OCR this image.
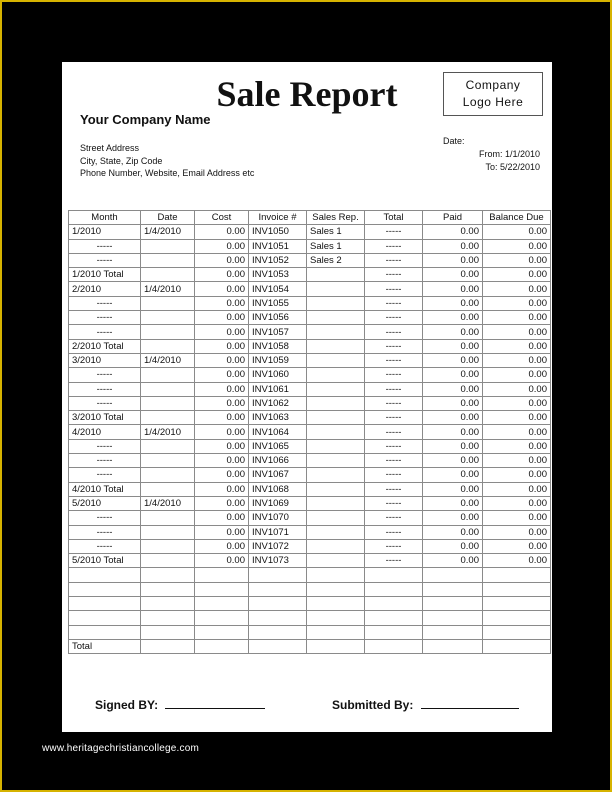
Sale Report	Company
Logo Here
Your Company Name
Street Address
City, State, Zip Code
Phone Number, Website, Email Address etc
Date:
From: 1/1/2010
To: 5/22/2010
Month	Date	Cost	Invoice #	Sales Rep.	Total	Paid	Balance Due
1/2010	1/4/2010	0.00	INV1050	Sales 1	-----	0.00	0.00
-----		0.00	INV1051	Sales 1	-----	0.00	0.00
-----		0.00	INV1052	Sales 2	-----	0.00	0.00
1/2010 Total		0.00	INV1053		-----	0.00	0.00
2/2010	1/4/2010	0.00	INV1054		-----	0.00	0.00
-----		0.00	INV1055		-----	0.00	0.00
-----		0.00	INV1056		-----	0.00	0.00
-----		0.00	INV1057		-----	0.00	0.00
2/2010 Total		0.00	INV1058		-----	0.00	0.00
3/2010	1/4/2010	0.00	INV1059		-----	0.00	0.00
-----		0.00	INV1060		-----	0.00	0.00
-----		0.00	INV1061		-----	0.00	0.00
-----		0.00	INV1062		-----	0.00	0.00
3/2010 Total		0.00	INV1063		-----	0.00	0.00
4/2010	1/4/2010	0.00	INV1064		-----	0.00	0.00
-----		0.00	INV1065		-----	0.00	0.00
-----		0.00	INV1066		-----	0.00	0.00
-----		0.00	INV1067		-----	0.00	0.00
4/2010 Total		0.00	INV1068		-----	0.00	0.00
5/2010	1/4/2010	0.00	INV1069		-----	0.00	0.00
-----		0.00	INV1070		-----	0.00	0.00
-----		0.00	INV1071		-----	0.00	0.00
-----		0.00	INV1072		-----	0.00	0.00
5/2010 Total		0.00	INV1073		-----	0.00	0.00

Total							
Signed BY:	Submitted By:
www.heritagechristiancollege.com
